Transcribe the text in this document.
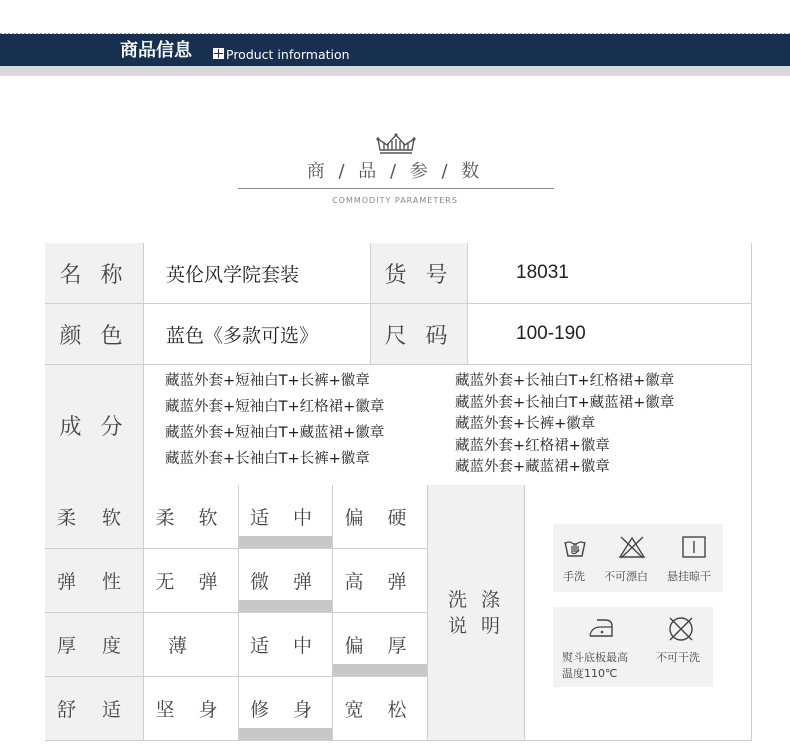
商品信息	Product information
商 / 品 / 参 / 数
COMMODITY PARAMETERS
名 称	英伦风学院套装	货 号	18031
颜 色	蓝色《多款可选》	尺 码	100-190
成 分
藏蓝外套+短袖白T+长裤+徽章
藏蓝外套+短袖白T+红格裙+徽章
藏蓝外套+短袖白T+藏蓝裙+徽章
藏蓝外套+长袖白T+长裤+徽章
藏蓝外套+长袖白T+红格裙+徽章
藏蓝外套+长袖白T+藏蓝裙+徽章
藏蓝外套+长裤+徽章
藏蓝外套+红格裙+徽章
藏蓝外套+藏蓝裙+徽章
柔 软	柔 软	适 中	偏 硬
弹 性	无 弹	微 弹	高 弹
厚 度	薄	适 中	偏 厚
舒 适	坚 身	修 身	宽 松
洗 涤
说 明
手洗 不可漂白 悬挂晾干
熨斗底板最高
温度110℃
不可干洗
